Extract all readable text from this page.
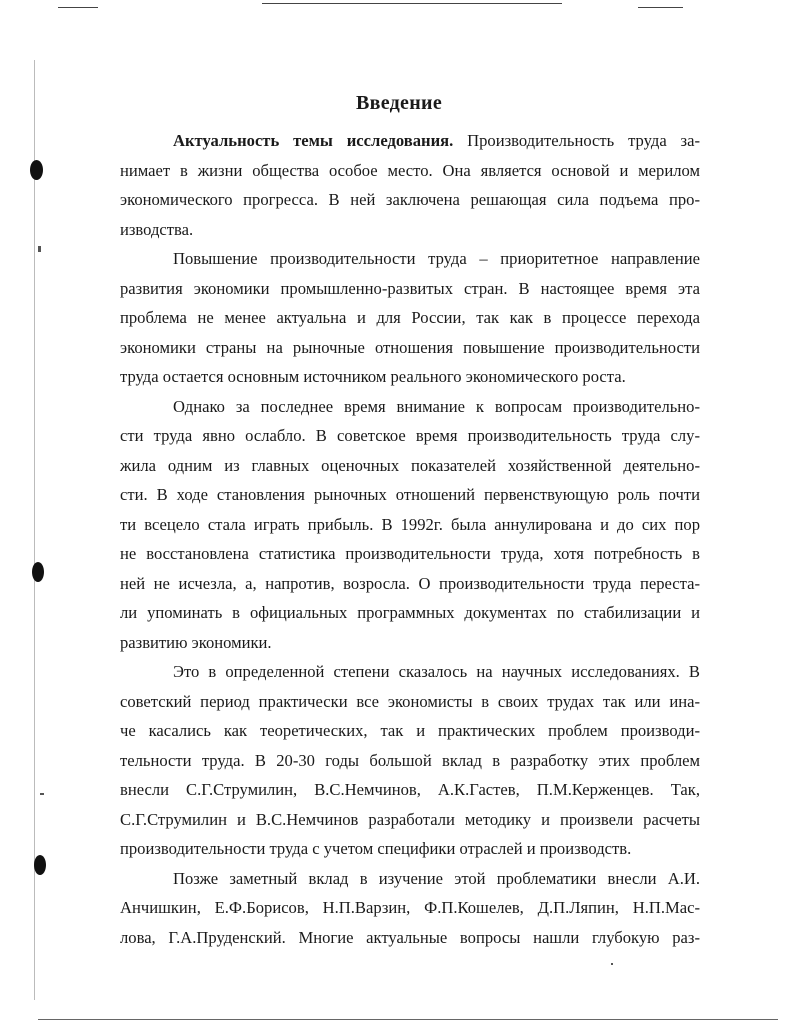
Введение
Актуальность темы исследования. Производительность труда за-
нимает в жизни общества особое место. Она является основой и мерилом
экономического прогресса. В ней заключена решающая сила подъема про-
изводства.
Повышение производительности труда – приоритетное направление
развития экономики промышленно-развитых стран. В настоящее время эта
проблема не менее актуальна и для России, так как в процессе перехода
экономики страны на рыночные отношения повышение производительности
труда остается основным источником реального экономического роста.
Однако за последнее время внимание к вопросам производительно-
сти труда явно ослабло. В советское время производительность труда слу-
жила одним из главных оценочных показателей хозяйственной деятельно-
сти. В ходе становления рыночных отношений первенствующую роль почти
ти всецело стала играть прибыль. В 1992г. была аннулирована и до сих пор
не восстановлена статистика производительности труда, хотя потребность в
ней не исчезла, а, напротив, возросла. О производительности труда переста-
ли упоминать в официальных программных документах по стабилизации и
развитию экономики.
Это в определенной степени сказалось на научных исследованиях. В
советский период практически все экономисты в своих трудах так или ина-
че касались как теоретических, так и практических проблем производи-
тельности труда. В 20-30 годы большой вклад в разработку этих проблем
внесли С.Г.Струмилин, В.С.Немчинов, А.К.Гастев, П.М.Керженцев. Так,
С.Г.Струмилин и В.С.Немчинов разработали методику и произвели расчеты
производительности труда с учетом специфики отраслей и производств.
Позже заметный вклад в изучение этой проблематики внесли А.И.
Анчишкин, Е.Ф.Борисов, Н.П.Варзин, Ф.П.Кошелев, Д.П.Ляпин, Н.П.Мас-
лова, Г.А.Пруденский. Многие актуальные вопросы нашли глубокую раз-
